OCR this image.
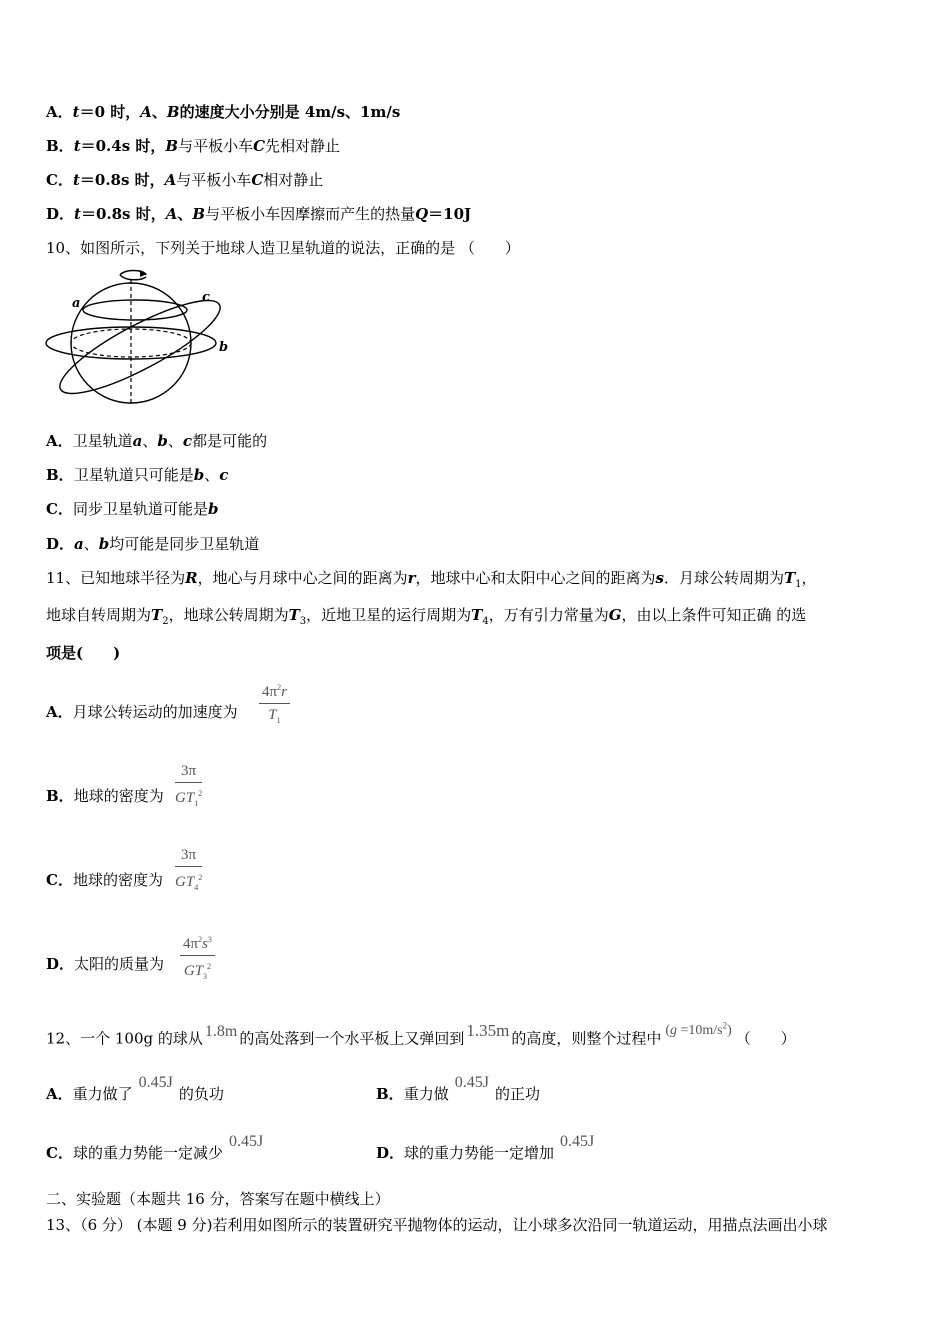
A．t＝0 时，A、B的速度大小分别是 4m/s、1m/s
B．t＝0.4s 时，B与平板小车C先相对静止
C．t＝0.8s 时，A与平板小车C相对静止
D．t＝0.8s 时，A、B与平板小车因摩擦而产生的热量Q＝10J
10、如图所示，下列关于地球人造卫星轨道的说法，正确的是 （　　）
a	c
b
A．卫星轨道a、b、c都是可能的
B．卫星轨道只可能是b、c
C．同步卫星轨道可能是b
D．a、b均可能是同步卫星轨道
11、已知地球半径为R，地心与月球中心之间的距离为r，地球中心和太阳中心之间的距离为s．月球公转周期为$T_1$，
地球自转周期为$T_2$，地球公转周期为$T_3$，近地卫星的运行周期为$T_4$，万有引力常量为G，由以上条件可知正确 的选
项是(　　)
A．月球公转运动的加速度为 $\frac{4\pi^2r}{T_1}$
B．地球的密度为 $\frac{3\pi}{GT_1^2}$
C．地球的密度为 $\frac{3\pi}{GT_4^2}$
D．太阳的质量为 $\frac{4\pi^2s^3}{GT_3^2}$
12、一个 100g 的球从 1.8m 的高处落到一个水平板上又弹回到 1.35m 的高度，则整个过程中 $(g =10m/s^2)$ （　　）
A．重力做了0.45J的负功	B．重力做0.45J的正功
C．球的重力势能一定减少0.45J
D．球的重力势能一定增加0.45J
二、实验题（本题共 16 分，答案写在题中横线上）
13、（6 分） (本题 9 分)若利用如图所示的装置研究平抛物体的运动，让小球多次沿同一轨道运动，用描点法画出小球
